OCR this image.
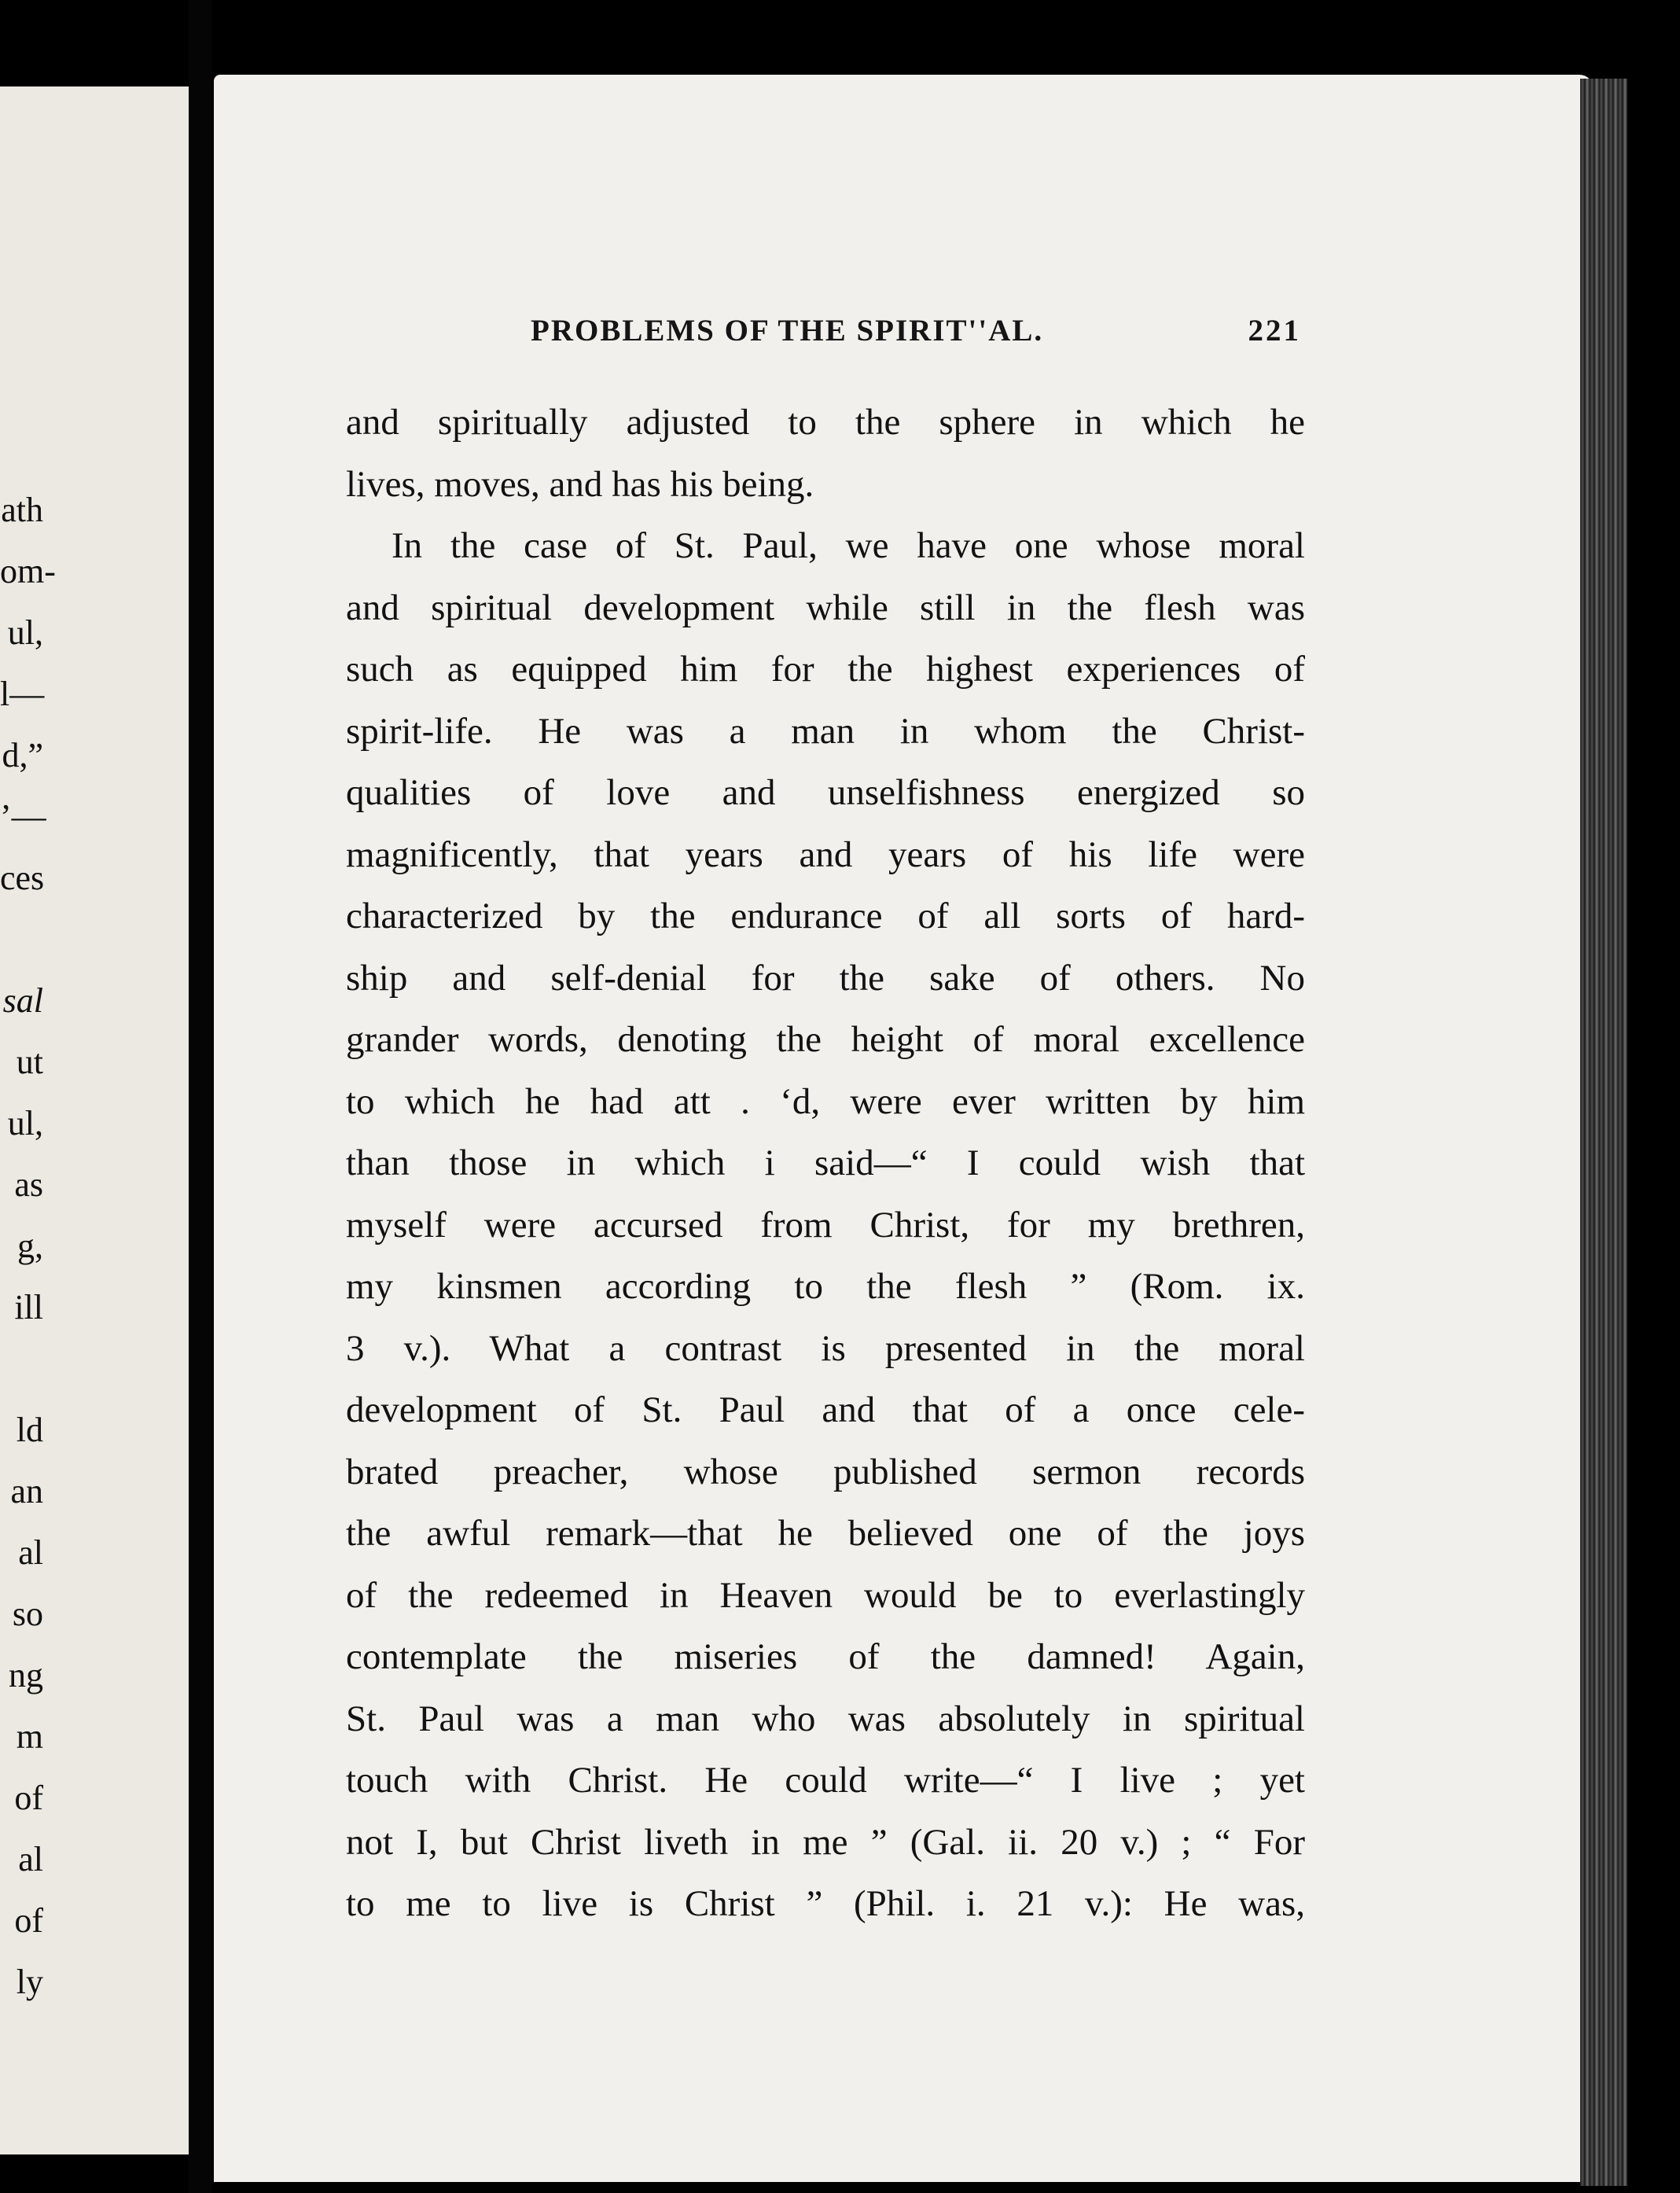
ath
om-
ul,
l—
d,”
’—
ces
sal
ut
ul,
as
g,
ill
ld
an
al
so
ng
m
of
al
of
ly
PROBLEMS OF THE SPIRIT''AL.	221
and spiritually adjusted to the sphere in which he
lives, moves, and has his being.
In the case of St. Paul, we have one whose moral
and spiritual development while still in the flesh was
such as equipped him for the highest experiences of
spirit-life. He was a man in whom the Christ-
qualities of love and unselfishness energized so
magnificently, that years and years of his life were
characterized by the endurance of all sorts of hard-
ship and self-denial for the sake of others. No
grander words, denoting the height of moral excellence
to which he had att . ‘d, were ever written by him
than those in which i said—“ I could wish that
myself were accursed from Christ, for my brethren,
my kinsmen according to the flesh ” (Rom. ix.
3 v.). What a contrast is presented in the moral
development of St. Paul and that of a once cele-
brated preacher, whose published sermon records
the awful remark—that he believed one of the joys
of the redeemed in Heaven would be to everlastingly
contemplate the miseries of the damned! Again,
St. Paul was a man who was absolutely in spiritual
touch with Christ. He could write—“ I live ; yet
not I, but Christ liveth in me ” (Gal. ii. 20 v.) ; “ For
to me to live is Christ ” (Phil. i. 21 v.): He was,
